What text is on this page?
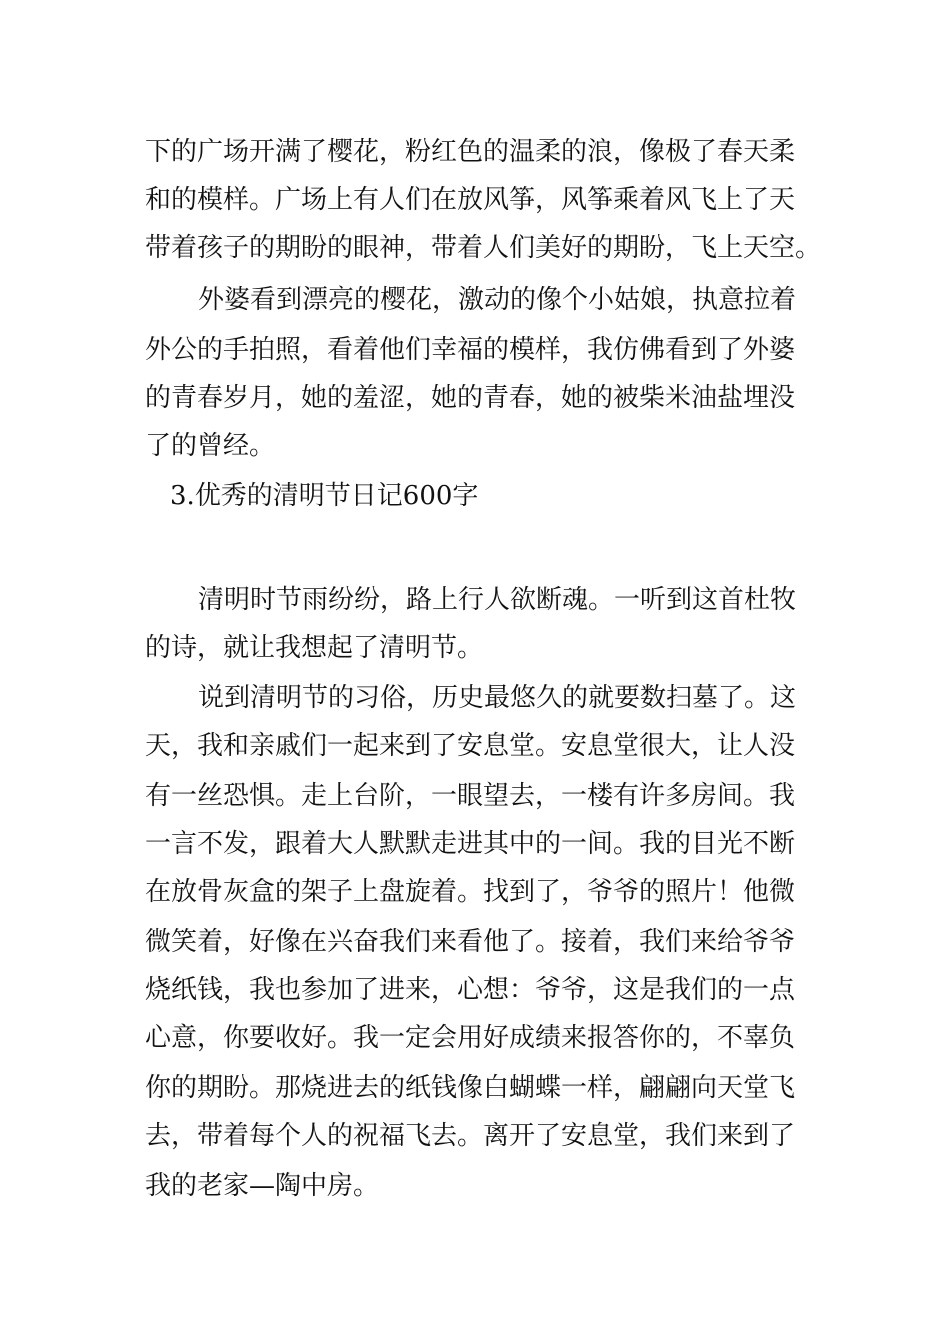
下的广场开满了樱花，粉红色的温柔的浪，像极了春天柔
和的模样。广场上有人们在放风筝，风筝乘着风飞上了天
带着孩子的期盼的眼神，带着人们美好的期盼，飞上天空。
外婆看到漂亮的樱花，激动的像个小姑娘，执意拉着
外公的手拍照，看着他们幸福的模样，我仿佛看到了外婆
的青春岁月，她的羞涩，她的青春，她的被柴米油盐埋没
了的曾经。
3.优秀的清明节日记600字
清明时节雨纷纷，路上行人欲断魂。一听到这首杜牧
的诗，就让我想起了清明节。
说到清明节的习俗，历史最悠久的就要数扫墓了。这
天，我和亲戚们一起来到了安息堂。安息堂很大，让人没
有一丝恐惧。走上台阶，一眼望去，一楼有许多房间。我
一言不发，跟着大人默默走进其中的一间。我的目光不断
在放骨灰盒的架子上盘旋着。找到了，爷爷的照片！他微
微笑着，好像在兴奋我们来看他了。接着，我们来给爷爷
烧纸钱，我也参加了进来，心想：爷爷，这是我们的一点
心意，你要收好。我一定会用好成绩来报答你的，不辜负
你的期盼。那烧进去的纸钱像白蝴蝶一样，翩翩向天堂飞
去，带着每个人的祝福飞去。离开了安息堂，我们来到了
我的老家—陶中房。
